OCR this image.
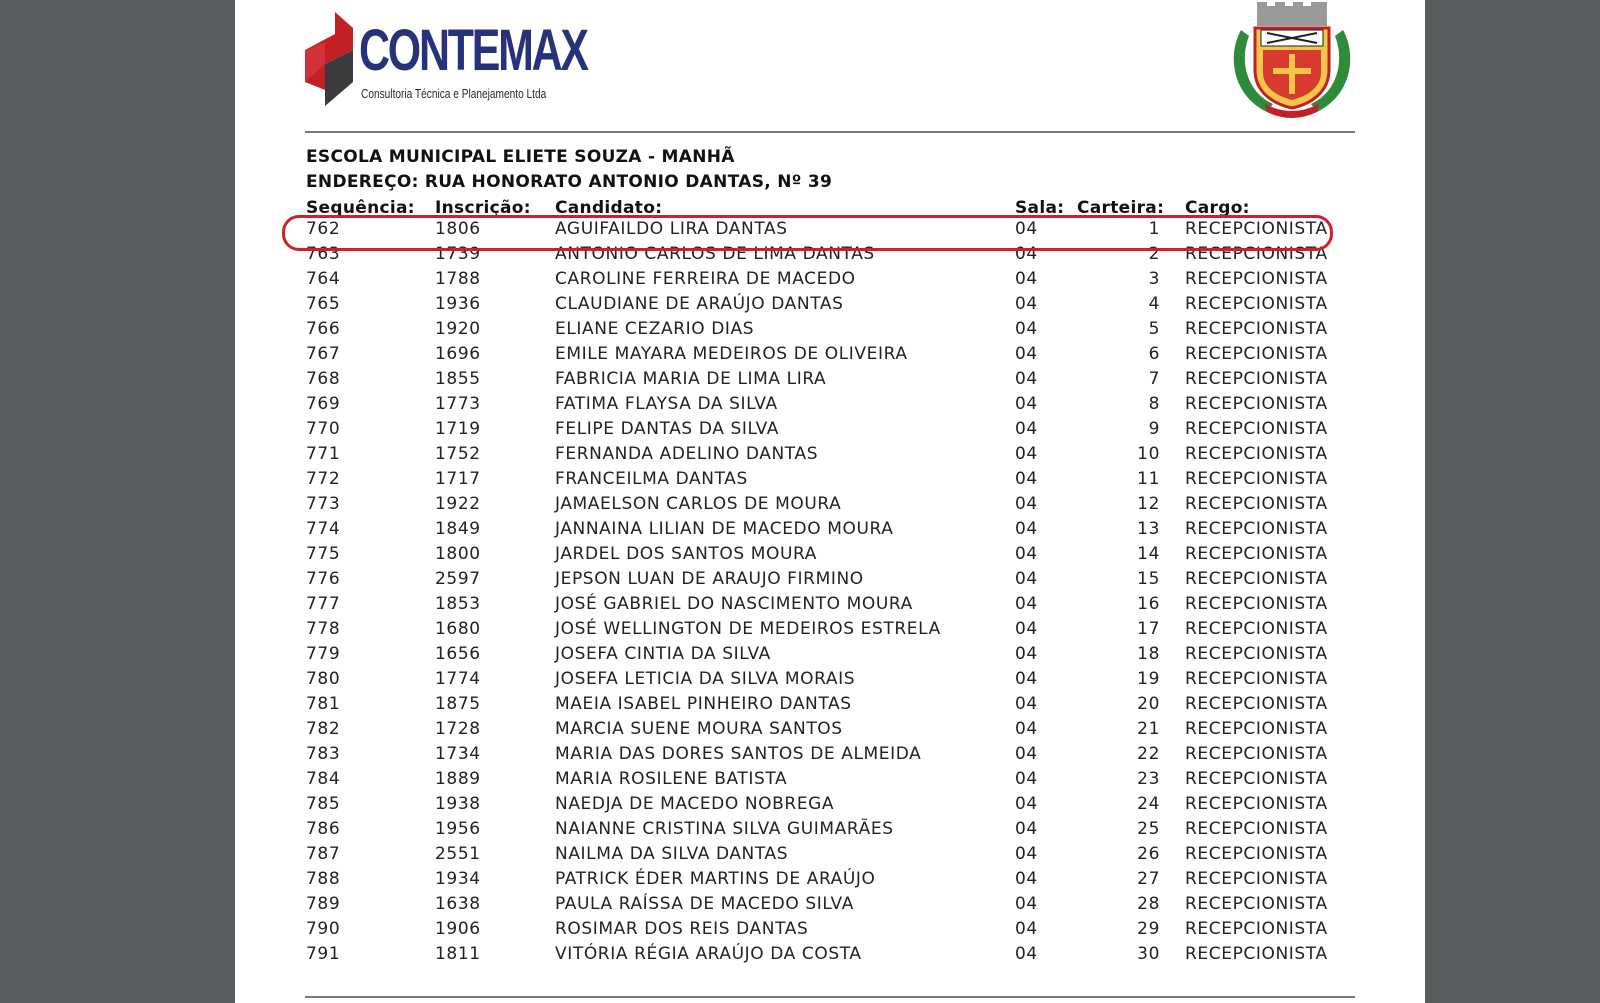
CONTEMAX
Consultoria Técnica e Planejamento Ltda
ESCOLA MUNICIPAL ELIETE SOUZA - MANHÃ
ENDEREÇO: RUA HONORATO ANTONIO DANTAS, Nº 39
Sequência: Inscrição: Candidato:	Sala: Carteira: Cargo:
762	1806	AGUIFAILDO LIRA DANTAS	04	1 RECEPCIONISTA
763	1739	ANTONIO CARLOS DE LIMA DANTAS	04	2 RECEPCIONISTA
764	1788	CAROLINE FERREIRA DE MACEDO	04	3 RECEPCIONISTA
765	1936	CLAUDIANE DE ARAÚJO DANTAS	04	4 RECEPCIONISTA
766	1920	ELIANE CEZARIO DIAS	04	5 RECEPCIONISTA
767	1696	EMILE MAYARA MEDEIROS DE OLIVEIRA	04	6 RECEPCIONISTA
768	1855	FABRICIA MARIA DE LIMA LIRA	04	7 RECEPCIONISTA
769	1773	FATIMA FLAYSA DA SILVA	04	8 RECEPCIONISTA
770	1719	FELIPE DANTAS DA SILVA	04	9 RECEPCIONISTA
771	1752	FERNANDA ADELINO DANTAS	04	10 RECEPCIONISTA
772	1717	FRANCEILMA DANTAS	04	11 RECEPCIONISTA
773	1922	JAMAELSON CARLOS DE MOURA	04	12 RECEPCIONISTA
774	1849	JANNAINA LILIAN DE MACEDO MOURA	04	13 RECEPCIONISTA
775	1800	JARDEL DOS SANTOS MOURA	04	14 RECEPCIONISTA
776	2597	JEPSON LUAN DE ARAUJO FIRMINO	04	15 RECEPCIONISTA
777	1853	JOSÉ GABRIEL DO NASCIMENTO MOURA	04	16 RECEPCIONISTA
778	1680	JOSÉ WELLINGTON DE MEDEIROS ESTRELA	04	17 RECEPCIONISTA
779	1656	JOSEFA CINTIA DA SILVA	04	18 RECEPCIONISTA
780	1774	JOSEFA LETICIA DA SILVA MORAIS	04	19 RECEPCIONISTA
781	1875	MAEIA ISABEL PINHEIRO DANTAS	04	20 RECEPCIONISTA
782	1728	MARCIA SUENE MOURA SANTOS	04	21 RECEPCIONISTA
783	1734	MARIA DAS DORES SANTOS DE ALMEIDA	04	22 RECEPCIONISTA
784	1889	MARIA ROSILENE BATISTA	04	23 RECEPCIONISTA
785	1938	NAEDJA DE MACEDO NOBREGA	04	24 RECEPCIONISTA
786	1956	NAIANNE CRISTINA SILVA GUIMARÃES	04	25 RECEPCIONISTA
787	2551	NAILMA DA SILVA DANTAS	04	26 RECEPCIONISTA
788	1934	PATRICK ÉDER MARTINS DE ARAÚJO	04	27 RECEPCIONISTA
789	1638	PAULA RAÍSSA DE MACEDO SILVA	04	28 RECEPCIONISTA
790	1906	ROSIMAR DOS REIS DANTAS	04	29 RECEPCIONISTA
791	1811	VITÓRIA RÉGIA ARAÚJO DA COSTA	04	30 RECEPCIONISTA
